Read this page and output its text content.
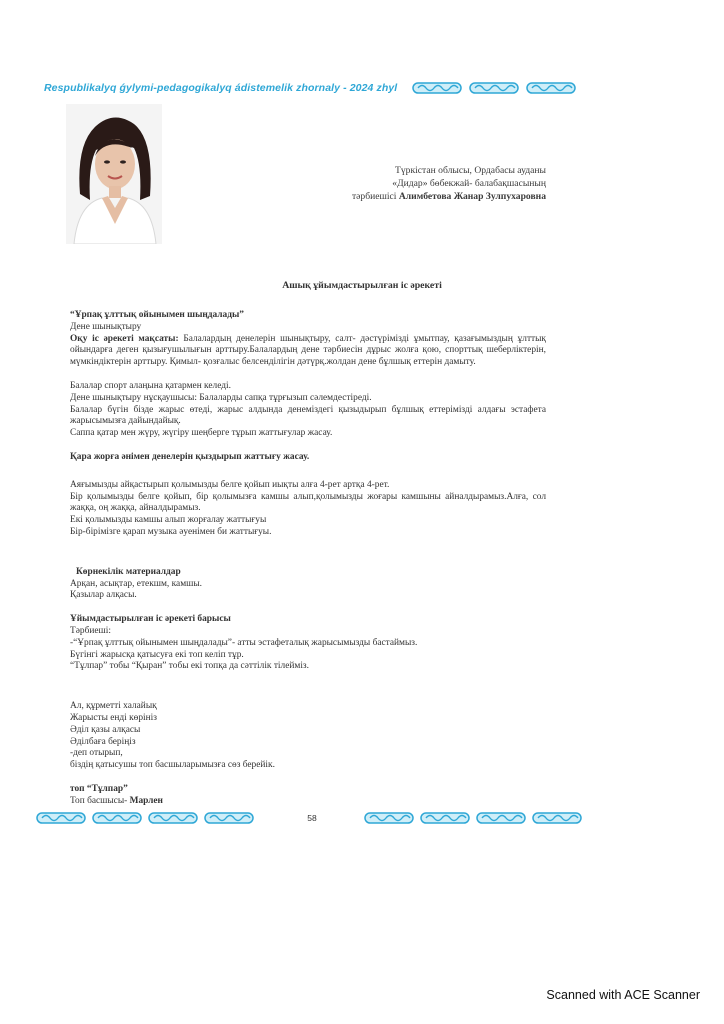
Respublikalyq ǵylymi-pedagogikalyq ádistemelik zhornaly - 2024 zhyl
Түркістан облысы, Ордабасы ауданы
«Дидар» бөбекжай- балабақшасының
тәрбиешісі Алимбетова Жанар Зулпухаровна
Ашық ұйымдастырылған іс әрекеті

“Ұрпақ ұлттық ойынымен шыңдалады”

Дене шынықтыру

Оқу іс әрекеті мақсаты: Балалардың денелерін шынықтыру, салт- дәстүрімізді ұмытпау, қазағымыздың ұлттық ойындарға деген қызығушылығын арттыру.Балалардың дене тәрбиесін дұрыс жолға қою, спорттық шеберліктерін, мүмкіндіктерін арттыру. Қимыл- қозғалыс белсенділігін дәтүрқ.жолдан дене бұлшық еттерін дамыту.

Балалар спорт алаңына қатармен келеді.

Дене шынықтыру нұсқаушысы: Балаларды сапқа тұрғызып сәлемдестіреді.

Балалар бүгін бізде жарыс өтеді, жарыс алдында денеміздегі қызыдырып бұлшық еттерімізді алдағы эстафета жарысымызға дайындайық.

Саппа қатар мен жүру, жүгіру шеңберге тұрып жаттығулар жасау.

Қара жорға әнімен денелерін қыздырып жаттығу жасау.

Аяғымызды айқастырып қолымызды белге қойып иықты алға 4-рет артқа 4-рет.

Бір қолымызды белге қойып, бір қолымызға камшы алып,қолымызды жоғары камшыны айналдырамыз.Алға, сол жаққа, оң жаққа, айналдырамыз.

Екі қолымызды камшы алып жорғалау жаттығуы

Бір-бірімізге қарап музыка әуенімен би жаттығуы.

Көрнекілік материалдар

Арқан, асықтар, етекшм, камшы.

Қазылар алқасы.

Ұйымдастырылған іс әрекеті барысы

Тәрбиеші:

-“Ұрпақ ұлттық ойынымен шыңдалады”- атты эстафеталық жарысымызды бастаймыз.

Бүгінгі жарысқа қатысуға екі топ келіп тұр.

“Тұлпар” тобы “Қыран” тобы екі топқа да сәттілік тілейміз.

Ал, құрметті халайық

Жарысты енді көрініз

Әділ қазы алқасы

Әділбаға беріңіз

-деп отырып,

біздің қатысушы топ басшыларымызға сөз берейік.

топ “Тұлпар”

Топ басшысы- Марлен

58
Scanned with ACE Scanner
